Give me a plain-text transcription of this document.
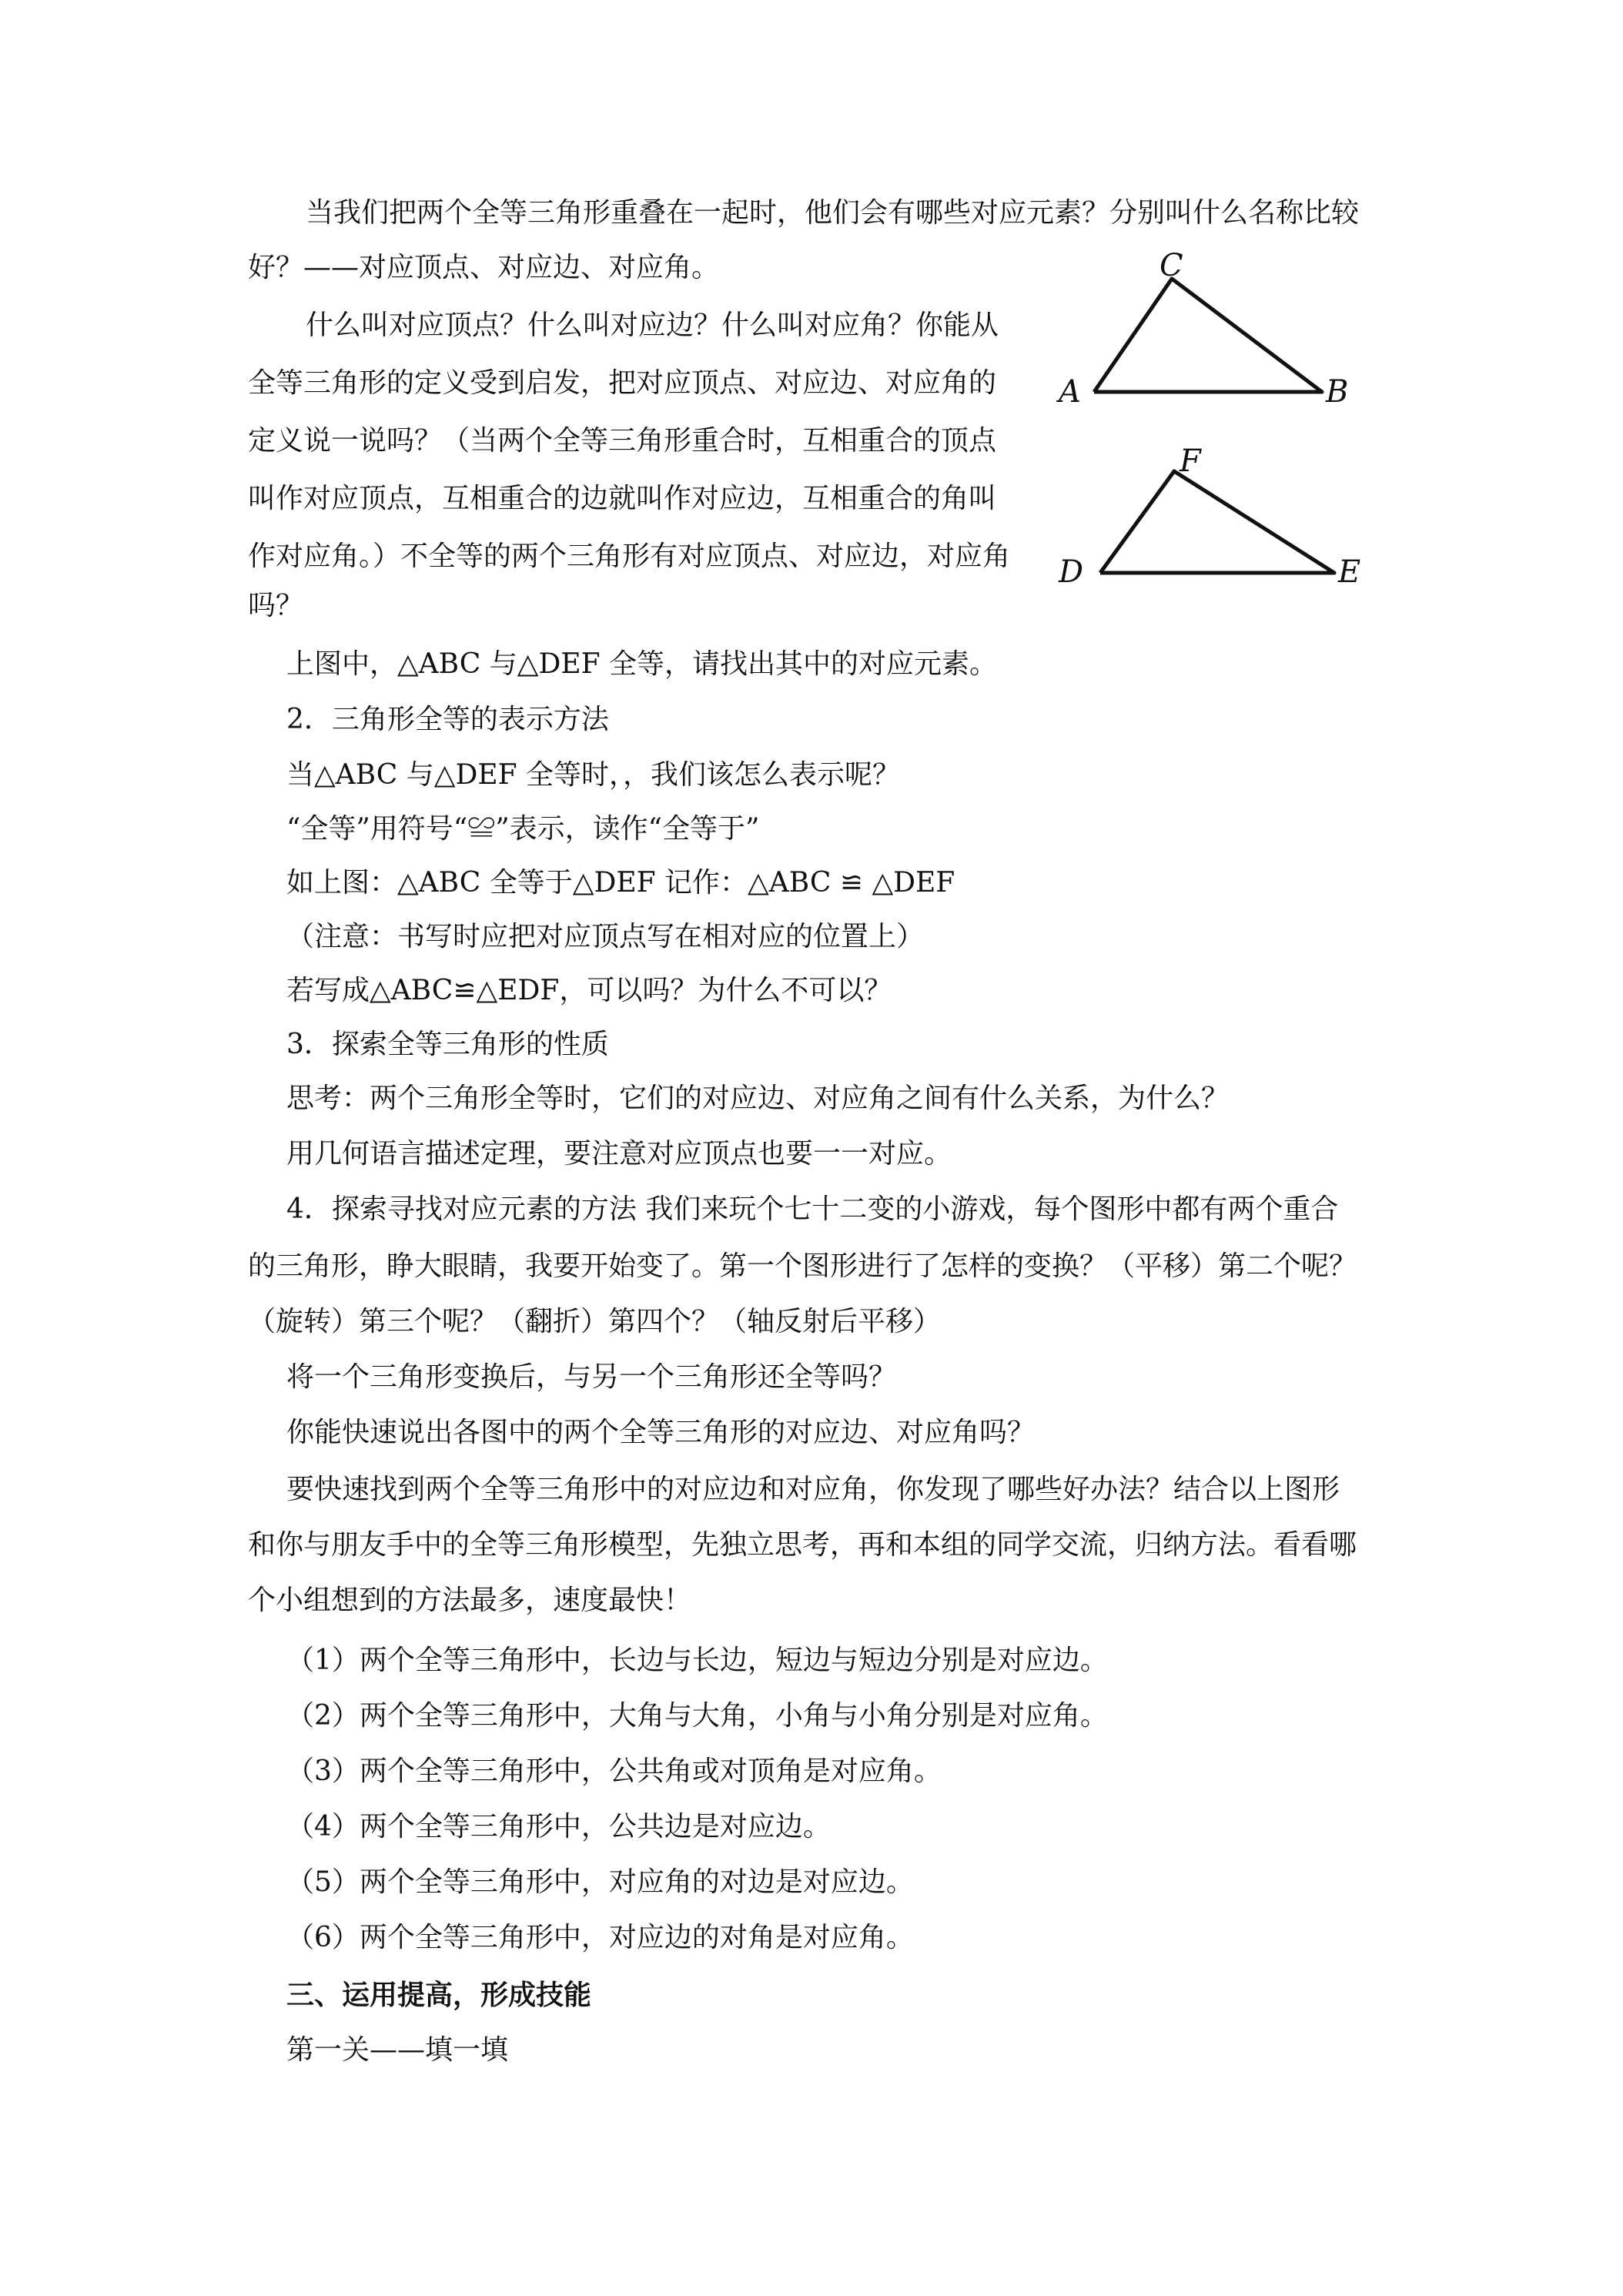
当我们把两个全等三角形重叠在一起时，他们会有哪些对应元素？分别叫什么名称比较
好？——对应顶点、对应边、对应角。
什么叫对应顶点？什么叫对应边？什么叫对应角？你能从
全等三角形的定义受到启发，把对应顶点、对应边、对应角的
定义说一说吗？（当两个全等三角形重合时，互相重合的顶点
叫作对应顶点，互相重合的边就叫作对应边，互相重合的角叫
作对应角。）不全等的两个三角形有对应顶点、对应边，对应角
吗？
上图中，△ABC 与△DEF 全等，请找出其中的对应元素。
2．三角形全等的表示方法
当△ABC 与△DEF 全等时，，我们该怎么表示呢？
“全等”用符号“≌”表示，读作“全等于”
如上图：△ABC 全等于△DEF 记作：△ABC ≌ △DEF
（注意：书写时应把对应顶点写在相对应的位置上）
若写成△ABC≌△EDF，可以吗？为什么不可以？
3．探索全等三角形的性质
思考：两个三角形全等时，它们的对应边、对应角之间有什么关系，为什么？
用几何语言描述定理，要注意对应顶点也要一一对应。
4．探索寻找对应元素的方法 我们来玩个七十二变的小游戏，每个图形中都有两个重合
的三角形，睁大眼睛，我要开始变了。第一个图形进行了怎样的变换？（平移）第二个呢？
（旋转）第三个呢？（翻折）第四个？（轴反射后平移）
将一个三角形变换后，与另一个三角形还全等吗？
你能快速说出各图中的两个全等三角形的对应边、对应角吗？
要快速找到两个全等三角形中的对应边和对应角，你发现了哪些好办法？结合以上图形
和你与朋友手中的全等三角形模型，先独立思考，再和本组的同学交流，归纳方法。看看哪
个小组想到的方法最多，速度最快！
（1）两个全等三角形中，长边与长边，短边与短边分别是对应边。
（2）两个全等三角形中，大角与大角，小角与小角分别是对应角。
（3）两个全等三角形中，公共角或对顶角是对应角。
（4）两个全等三角形中，公共边是对应边。
（5）两个全等三角形中，对应角的对边是对应边。
（6）两个全等三角形中，对应边的对角是对应角。
三、运用提高，形成技能
第一关——填一填
C
A	B
F
D	E
